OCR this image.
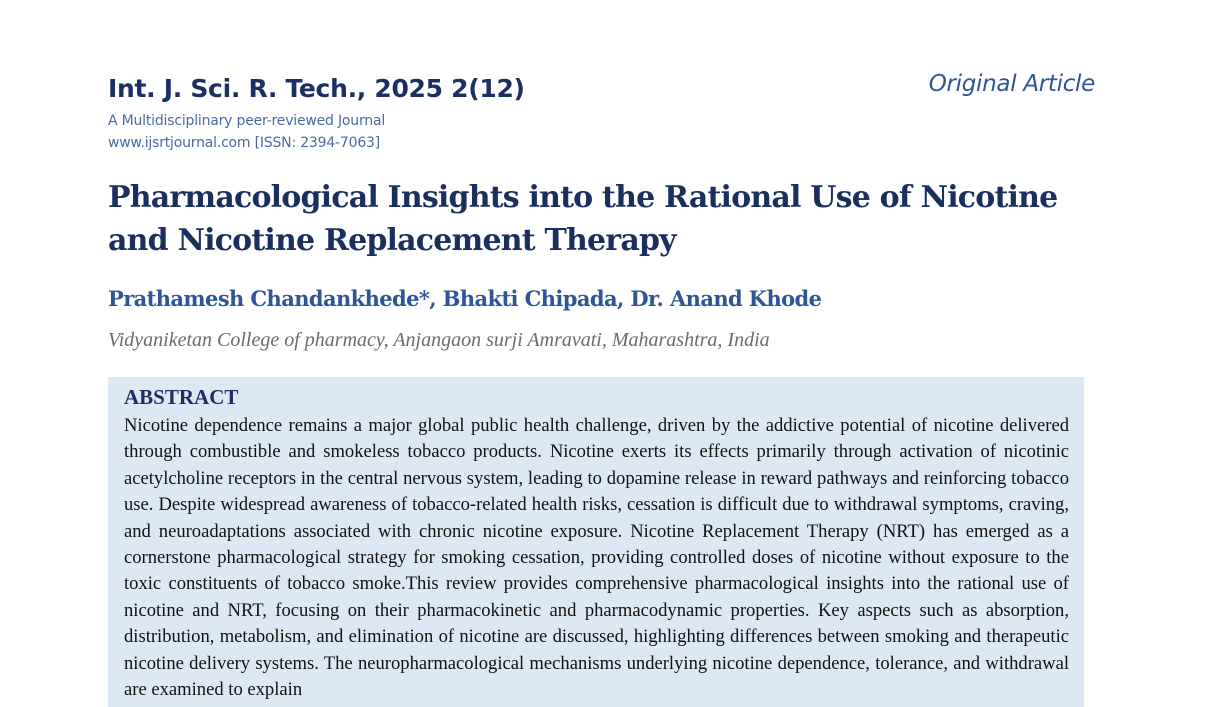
Int. J. Sci. R. Tech., 2025 2(12)
A Multidisciplinary peer-reviewed Journal
www.ijsrtjournal.com [ISSN: 2394-7063]
Original Article
Pharmacological Insights into the Rational Use of Nicotine and Nicotine Replacement Therapy
Prathamesh Chandankhede*, Bhakti Chipada, Dr. Anand Khode
Vidyaniketan College of pharmacy, Anjangaon surji Amravati, Maharashtra, India
ABSTRACT

Nicotine dependence remains a major global public health challenge, driven by the addictive potential of nicotine delivered through combustible and smokeless tobacco products. Nicotine exerts its effects primarily through activation of nicotinic acetylcholine receptors in the central nervous system, leading to dopamine release in reward pathways and reinforcing tobacco use. Despite widespread awareness of tobacco-related health risks, cessation is difficult due to withdrawal symptoms, craving, and neuroadaptations associated with chronic nicotine exposure. Nicotine Replacement Therapy (NRT) has emerged as a cornerstone pharmacological strategy for smoking cessation, providing controlled doses of nicotine without exposure to the toxic constituents of tobacco smoke.This review provides comprehensive pharmacological insights into the rational use of nicotine and NRT, focusing on their pharmacokinetic and pharmacodynamic properties. Key aspects such as absorption, distribution, metabolism, and elimination of nicotine are discussed, highlighting differences between smoking and therapeutic nicotine delivery systems. The neuropharmacological mechanisms underlying nicotine dependence, tolerance, and withdrawal are examined to explain
